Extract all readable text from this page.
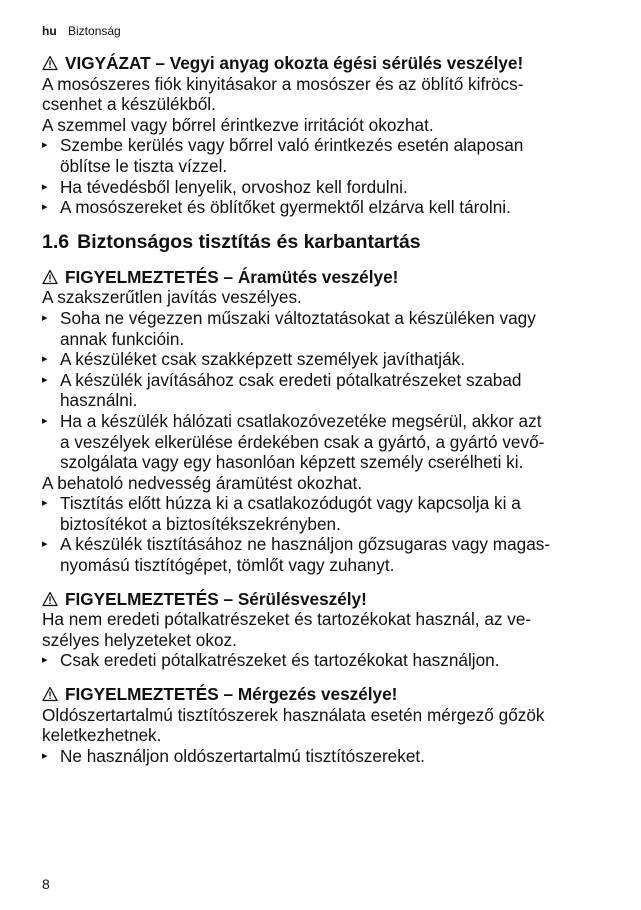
hu Biztonság
VIGYÁZAT – Vegyi anyag okozta égési sérülés veszélye!
A mosószeres fiók kinyitásakor a mosószer és az öblítő kifröcs-
csenhet a készülékből.
A szemmel vagy bőrrel érintkezve irritációt okozhat.
▸ Szembe kerülés vagy bőrrel való érintkezés esetén alaposan
öblítse le tiszta vízzel.
▸ Ha tévedésből lenyelik, orvoshoz kell fordulni.
▸ A mosószereket és öblítőket gyermektől elzárva kell tárolni.
1.6 Biztonságos tisztítás és karbantartás
FIGYELMEZTETÉS – Áramütés veszélye!
A szakszerűtlen javítás veszélyes.
▸ Soha ne végezzen műszaki változtatásokat a készüléken vagy
annak funkcióin.
▸ A készüléket csak szakképzett személyek javíthatják.
▸ A készülék javításához csak eredeti pótalkatrészeket szabad
használni.
▸ Ha a készülék hálózati csatlakozóvezetéke megsérül, akkor azt
a veszélyek elkerülése érdekében csak a gyártó, a gyártó vevő-
szolgálata vagy egy hasonlóan képzett személy cserélheti ki.
A behatoló nedvesség áramütést okozhat.
▸ Tisztítás előtt húzza ki a csatlakozódugót vagy kapcsolja ki a
biztosítékot a biztosítékszekrényben.
▸ A készülék tisztításához ne használjon gőzsugaras vagy magas-
nyomású tisztítógépet, tömlőt vagy zuhanyt.
FIGYELMEZTETÉS – Sérülésveszély!
Ha nem eredeti pótalkatrészeket és tartozékokat használ, az ve-
szélyes helyzeteket okoz.
▸ Csak eredeti pótalkatrészeket és tartozékokat használjon.
FIGYELMEZTETÉS – Mérgezés veszélye!
Oldószertartalmú tisztítószerek használata esetén mérgező gőzök
keletkezhetnek.
▸ Ne használjon oldószertartalmú tisztítószereket.
8
